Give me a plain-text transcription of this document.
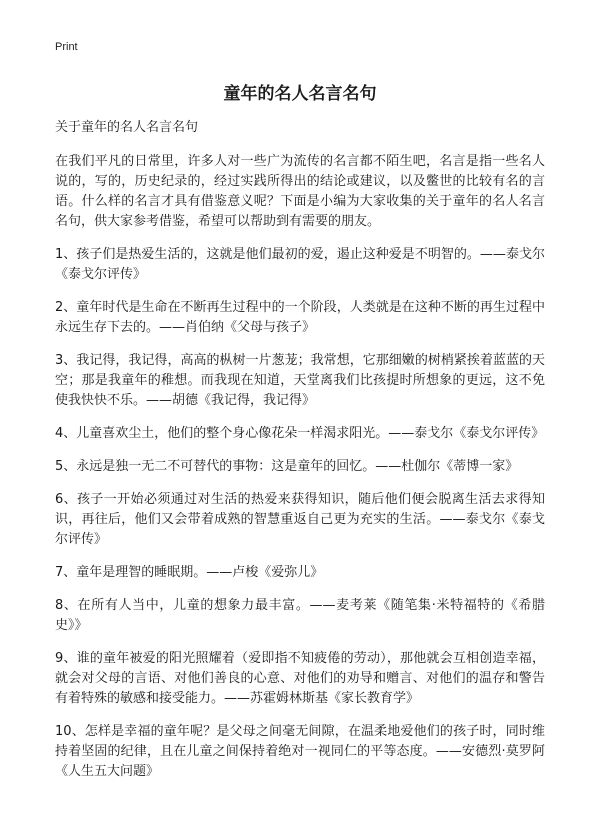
Print

童年的名人名言名句

关于童年的名人名言名句

在我们平凡的日常里，许多人对一些广为流传的名言都不陌生吧，名言是指一些名人说的，写的，历史纪录的，经过实践所得出的结论或建议，以及鳖世的比较有名的言语。什么样的名言才具有借鉴意义呢？下面是小编为大家收集的关于童年的名人名言名句，供大家参考借鉴，希望可以帮助到有需要的朋友。

1、孩子们是热爱生活的，这就是他们最初的爱，遏止这种爱是不明智的。——泰戈尔《泰戈尔评传》

2、童年时代是生命在不断再生过程中的一个阶段，人类就是在这种不断的再生过程中永远生存下去的。——肖伯纳《父母与孩子》

3、我记得，我记得，高高的枞树一片葱茏；我常想，它那细嫩的树梢紧挨着蓝蓝的天空；那是我童年的稚想。而我现在知道，天堂离我们比孩提时所想象的更远，这不免使我快快不乐。——胡德《我记得，我记得》

4、儿童喜欢尘土，他们的整个身心像花朵一样渴求阳光。——泰戈尔《泰戈尔评传》

5、永远是独一无二不可替代的事物：这是童年的回忆。——杜伽尔《蒂博一家》

6、孩子一开始必须通过对生活的热爱来获得知识，随后他们便会脱离生活去求得知识，再往后，他们又会带着成熟的智慧重返自己更为充实的生活。——泰戈尔《泰戈尔评传》

7、童年是理智的睡眠期。——卢梭《爱弥儿》

8、在所有人当中，儿童的想象力最丰富。——麦考莱《随笔集·米特福特的《希腊史》》

9、谁的童年被爱的阳光照耀着（爱即指不知疲倦的劳动），那他就会互相创造幸福，就会对父母的言语、对他们善良的心意、对他们的劝导和赠言、对他们的温存和警告有着特殊的敏感和接受能力。——苏霍姆林斯基《家长教育学》

10、怎样是幸福的童年呢？是父母之间毫无间隙，在温柔地爱他们的孩子时，同时维持着坚固的纪律，且在儿童之间保持着绝对一视同仁的平等态度。——安德烈·莫罗阿《人生五大问题》
